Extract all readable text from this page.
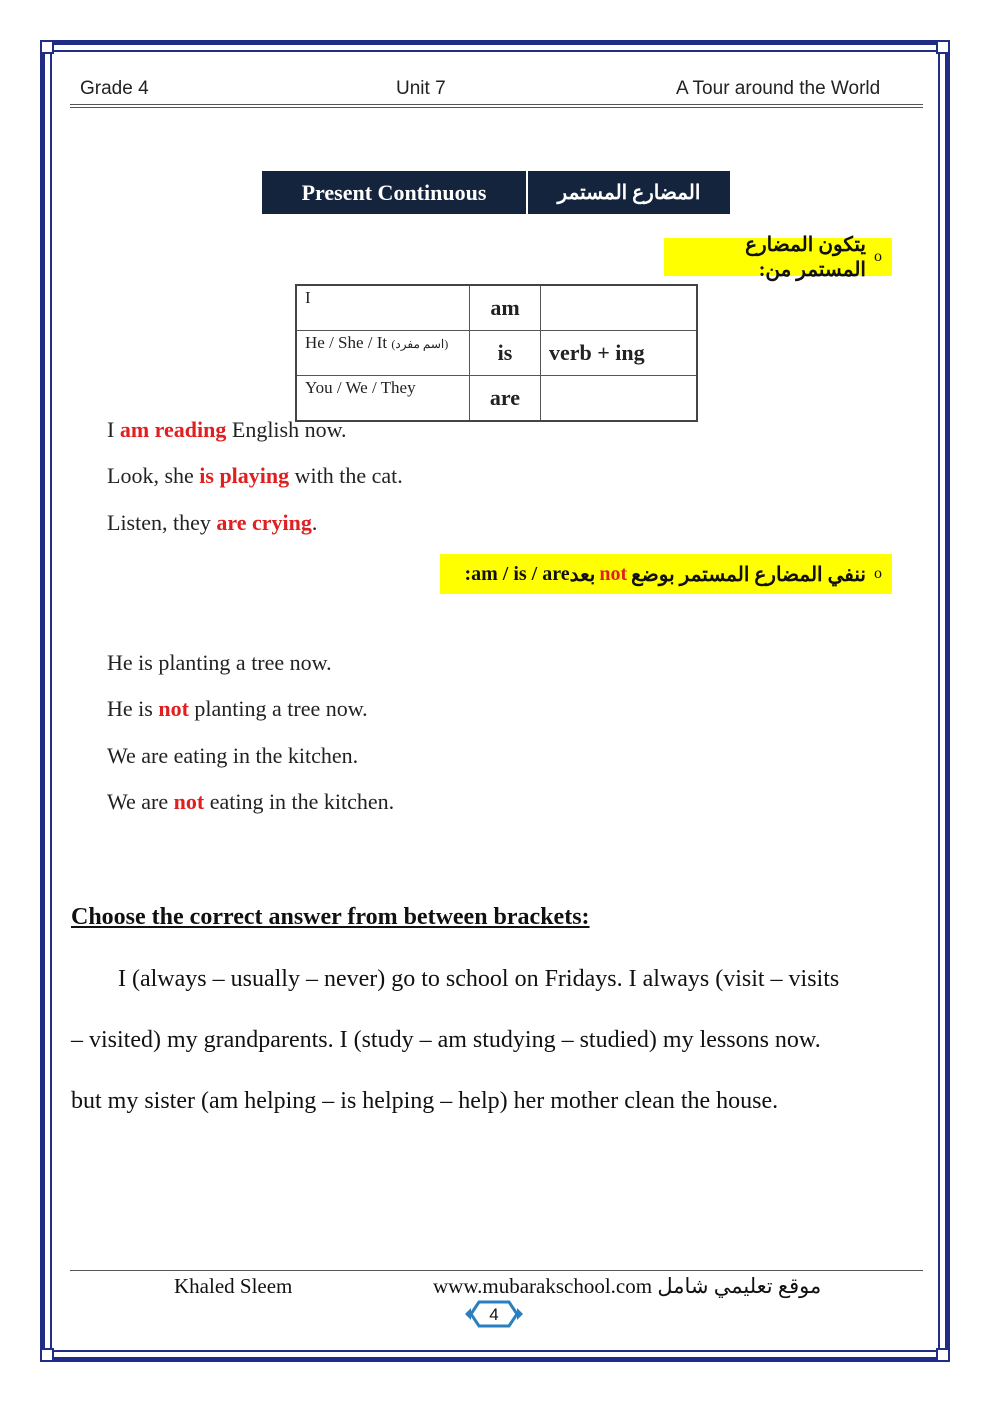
Grade 4	Unit 7	A Tour around the World
Present Continuous	المضارع المستمر
o
يتكون المضارع المستمر من:
I	am	
He / She / It (اسم مفرد)	is	verb + ing
You / We / They	are	
I am reading English now.
Look, she is playing with the cat.
Listen, they are crying.
o
ننفي المضارع المستمر بوضع
not
بعد
am / is / are
:
He is planting a tree now.
He is not planting a tree now.
We are eating in the kitchen.
We are not eating in the kitchen.
Choose the correct answer from between brackets:
I (always – usually – never) go to school on Fridays. I always (visit – visits
– visited) my grandparents. I (study – am studying – studied) my lessons now.
but my sister (am helping – is helping – help) her mother clean the house.
Khaled Sleem	www.mubarakschool.com موقع تعليمي شامل
4
